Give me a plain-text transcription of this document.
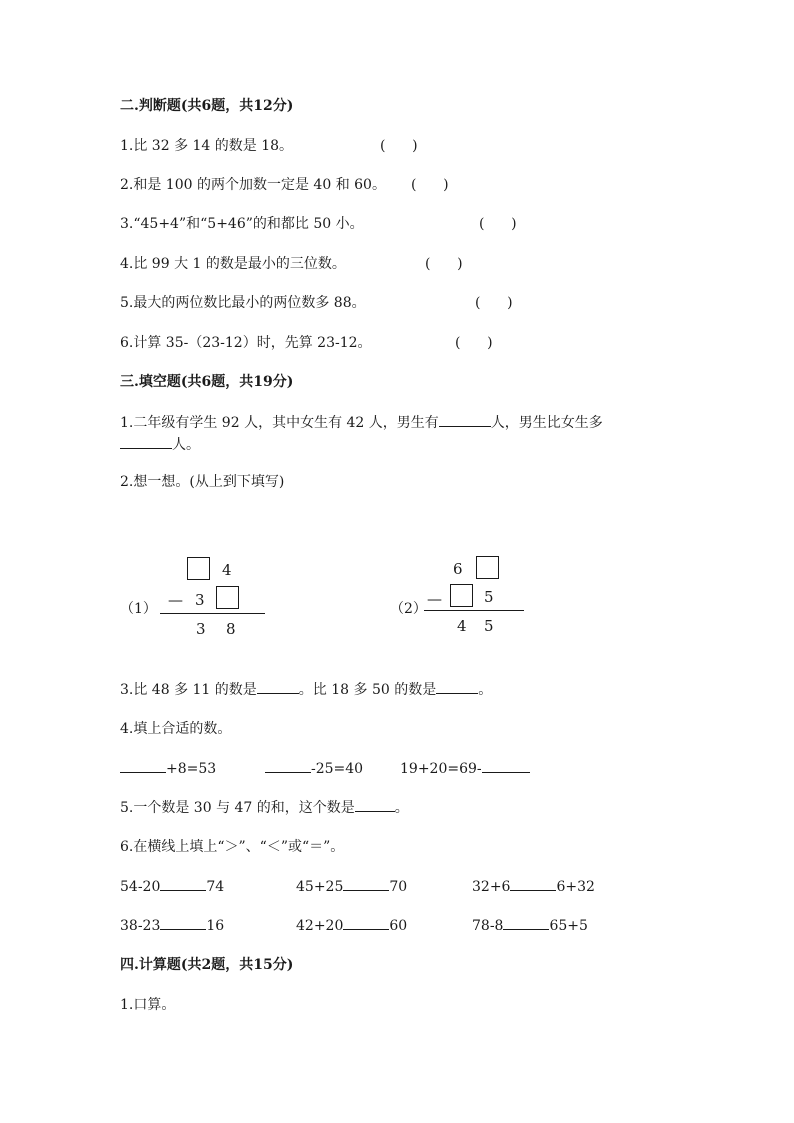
二.判断题(共6题，共12分)
1.比 32 多 14 的数是 18。	(      )
2.和是 100 的两个加数一定是 40 和 60。 (      )
3.“45+4”和“5+46”的和都比 50 小。	(      )
4.比 99 大 1 的数是最小的三位数。	(      )
5.最大的两位数比最小的两位数多 88。	(      )
6.计算 35-（23-12）时，先算 23-12。	(      )
三.填空题(共6题，共19分)
1.二年级有学生 92 人，其中女生有 42 人，男生有	人，男生比女生多
人。
2.想一想。(从上到下填写)
4
（1） — 3
3 8
6
（2）
—	5
4 5
3.比 48 多 11 的数是	。比 18 多 50 的数是	。
4.填上合适的数。
+8=53	-25=40	19+20=69-
5.一个数是 30 与 47 的和，这个数是	。
6.在横线上填上“＞”、“＜”或“＝”。
54-20	74	45+25	70	32+6	6+32
38-23	16	42+20	60	78-8	65+5
四.计算题(共2题，共15分)
1.口算。
